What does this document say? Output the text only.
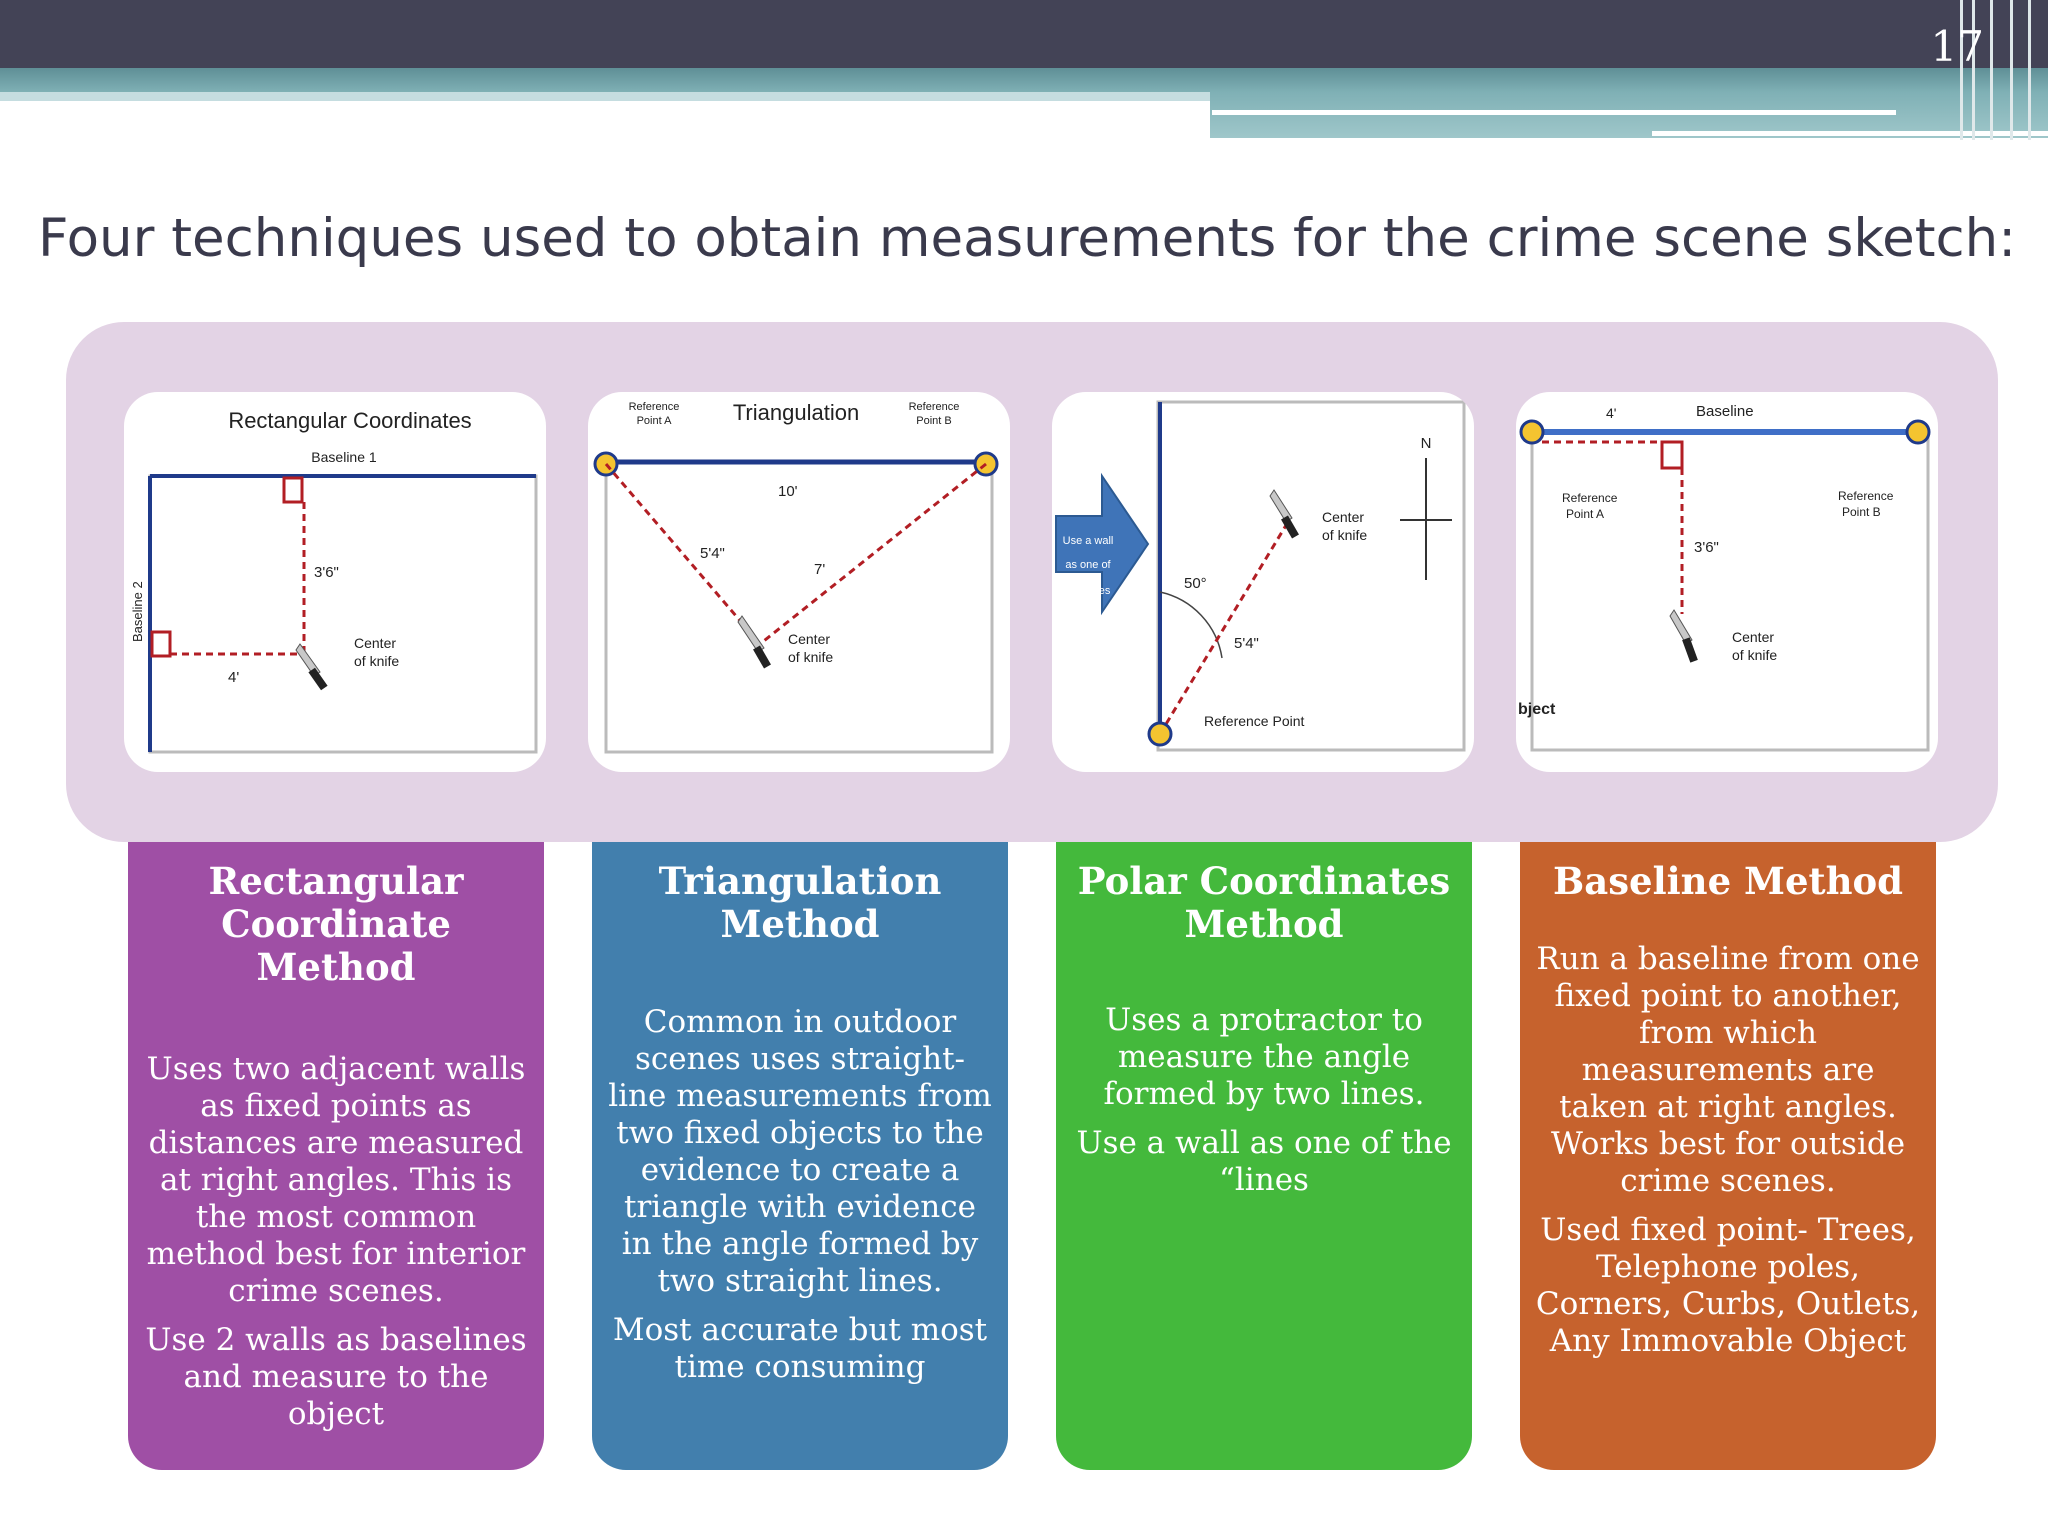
17
Four techniques used to obtain measurements for the crime scene sketch:
Rectangular Coordinates
Baseline 1
Baseline 2
3'6"
4'
Center
of knife
Triangulation
Reference
Point A
Reference
Point B
10'
5'4"
7'
Center
of knife
Use a wall
as one of
the "lines	50°
5'4"
Reference Point
Center
of knife
N
4'	Baseline
Reference
Point A
Reference
Point B
3'6"
Center
of knife
bject
Rectangular Coordinate Method

Uses two adjacent walls as fixed points as distances are measured at right angles. This is the most common method best for interior crime scenes.

Use 2 walls as baselines and measure to the object

Triangulation Method

Common in outdoor scenes uses straight-line measurements from two fixed objects to the evidence to create a triangle with evidence in the angle formed by two straight lines.

Most accurate but most time consuming

Polar Coordinates Method

Uses a protractor to measure the angle formed by two lines.

Use a wall as one of the “lines

Baseline Method

Run a baseline from one fixed point to another, from which measurements are taken at right angles. Works best for outside crime scenes.

Used fixed point- Trees, Telephone poles, Corners, Curbs, Outlets, Any Immovable Object
